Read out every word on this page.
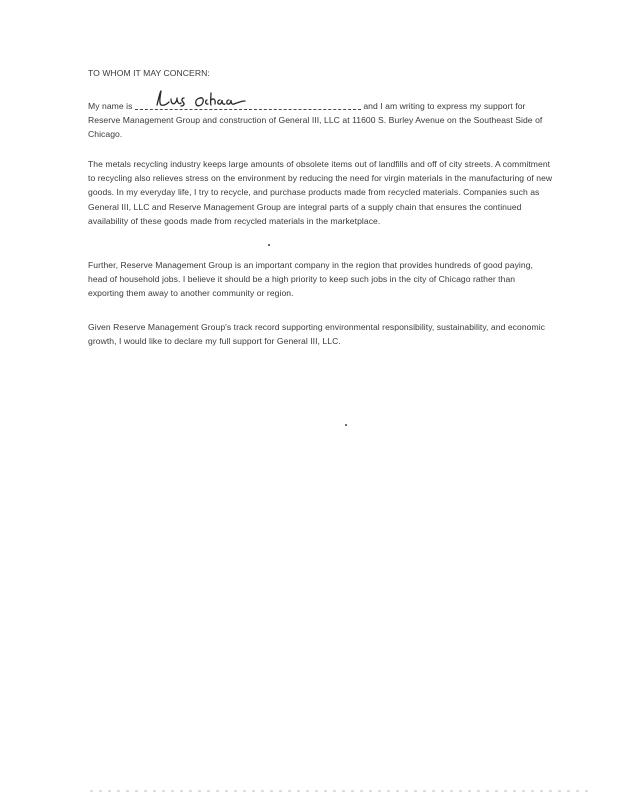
TO WHOM IT MAY CONCERN:
My name is	and I am writing to express my support for Reserve Management Group and construction of General III, LLC at 11600 S. Burley Avenue on the Southeast Side of Chicago.
The metals recycling industry keeps large amounts of obsolete items out of landfills and off of city streets. A commitment to recycling also relieves stress on the environment by reducing the need for virgin materials in the manufacturing of new goods. In my everyday life, I try to recycle, and purchase products made from recycled materials. Companies such as General III, LLC and Reserve Management Group are integral parts of a supply chain that ensures the continued availability of these goods made from recycled materials in the marketplace.
Further, Reserve Management Group is an important company in the region that provides hundreds of good paying, head of household jobs. I believe it should be a high priority to keep such jobs in the city of Chicago rather than exporting them away to another community or region.
Given Reserve Management Group's track record supporting environmental responsibility, sustainability, and economic growth, I would like to declare my full support for General III, LLC.
